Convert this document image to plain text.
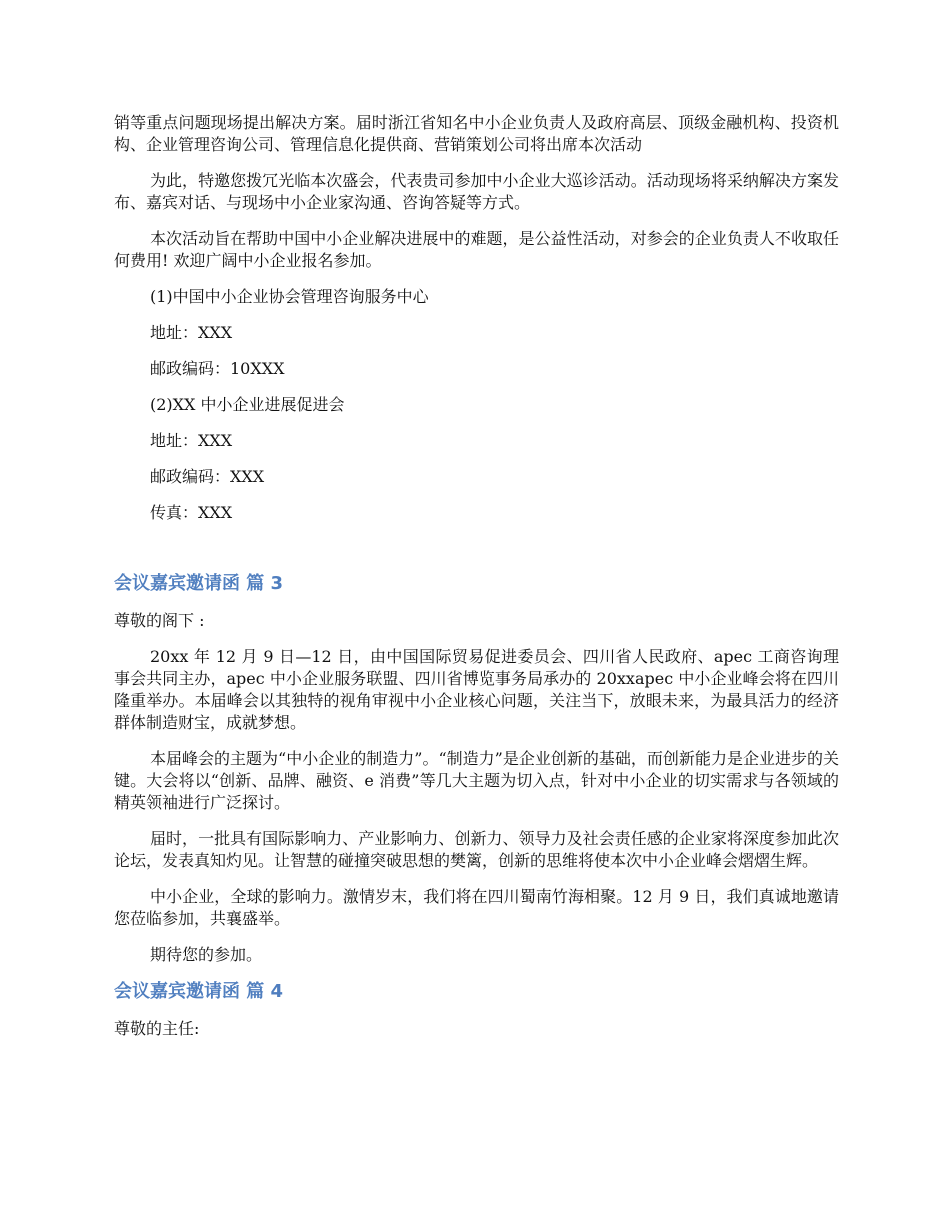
销等重点问题现场提出解决方案。届时浙江省知名中小企业负责人及政府高层、顶级金融机构、投资机构、企业管理咨询公司、管理信息化提供商、营销策划公司将出席本次活动

为此，特邀您拨冗光临本次盛会，代表贵司参加中小企业大巡诊活动。活动现场将采纳解决方案发布、嘉宾对话、与现场中小企业家沟通、咨询答疑等方式。

本次活动旨在帮助中国中小企业解决进展中的难题，是公益性活动，对参会的企业负责人不收取任何费用! 欢迎广阔中小企业报名参加。

(1)中国中小企业协会管理咨询服务中心

地址：XXX

邮政编码：10XXX

(2)XX 中小企业进展促进会

地址：XXX

邮政编码：XXX

传真：XXX

会议嘉宾邀请函 篇 3

尊敬的阁下 :

20xx 年 12 月 9 日—12 日，由中国国际贸易促进委员会、四川省人民政府、apec 工商咨询理事会共同主办，apec 中小企业服务联盟、四川省博览事务局承办的 20xxapec 中小企业峰会将在四川隆重举办。本届峰会以其独特的视角审视中小企业核心问题，关注当下，放眼未来，为最具活力的经济群体制造财宝，成就梦想。

本届峰会的主题为“中小企业的制造力”。“制造力”是企业创新的基础，而创新能力是企业进步的关键。大会将以“创新、品牌、融资、e 消费”等几大主题为切入点，针对中小企业的切实需求与各领域的精英领袖进行广泛探讨。

届时，一批具有国际影响力、产业影响力、创新力、领导力及社会责任感的企业家将深度参加此次论坛，发表真知灼见。让智慧的碰撞突破思想的樊篱，创新的思维将使本次中小企业峰会熠熠生辉。

中小企业，全球的影响力。激情岁末，我们将在四川蜀南竹海相聚。12 月 9 日，我们真诚地邀请您莅临参加，共襄盛举。

期待您的参加。

会议嘉宾邀请函 篇 4

尊敬的主任:
